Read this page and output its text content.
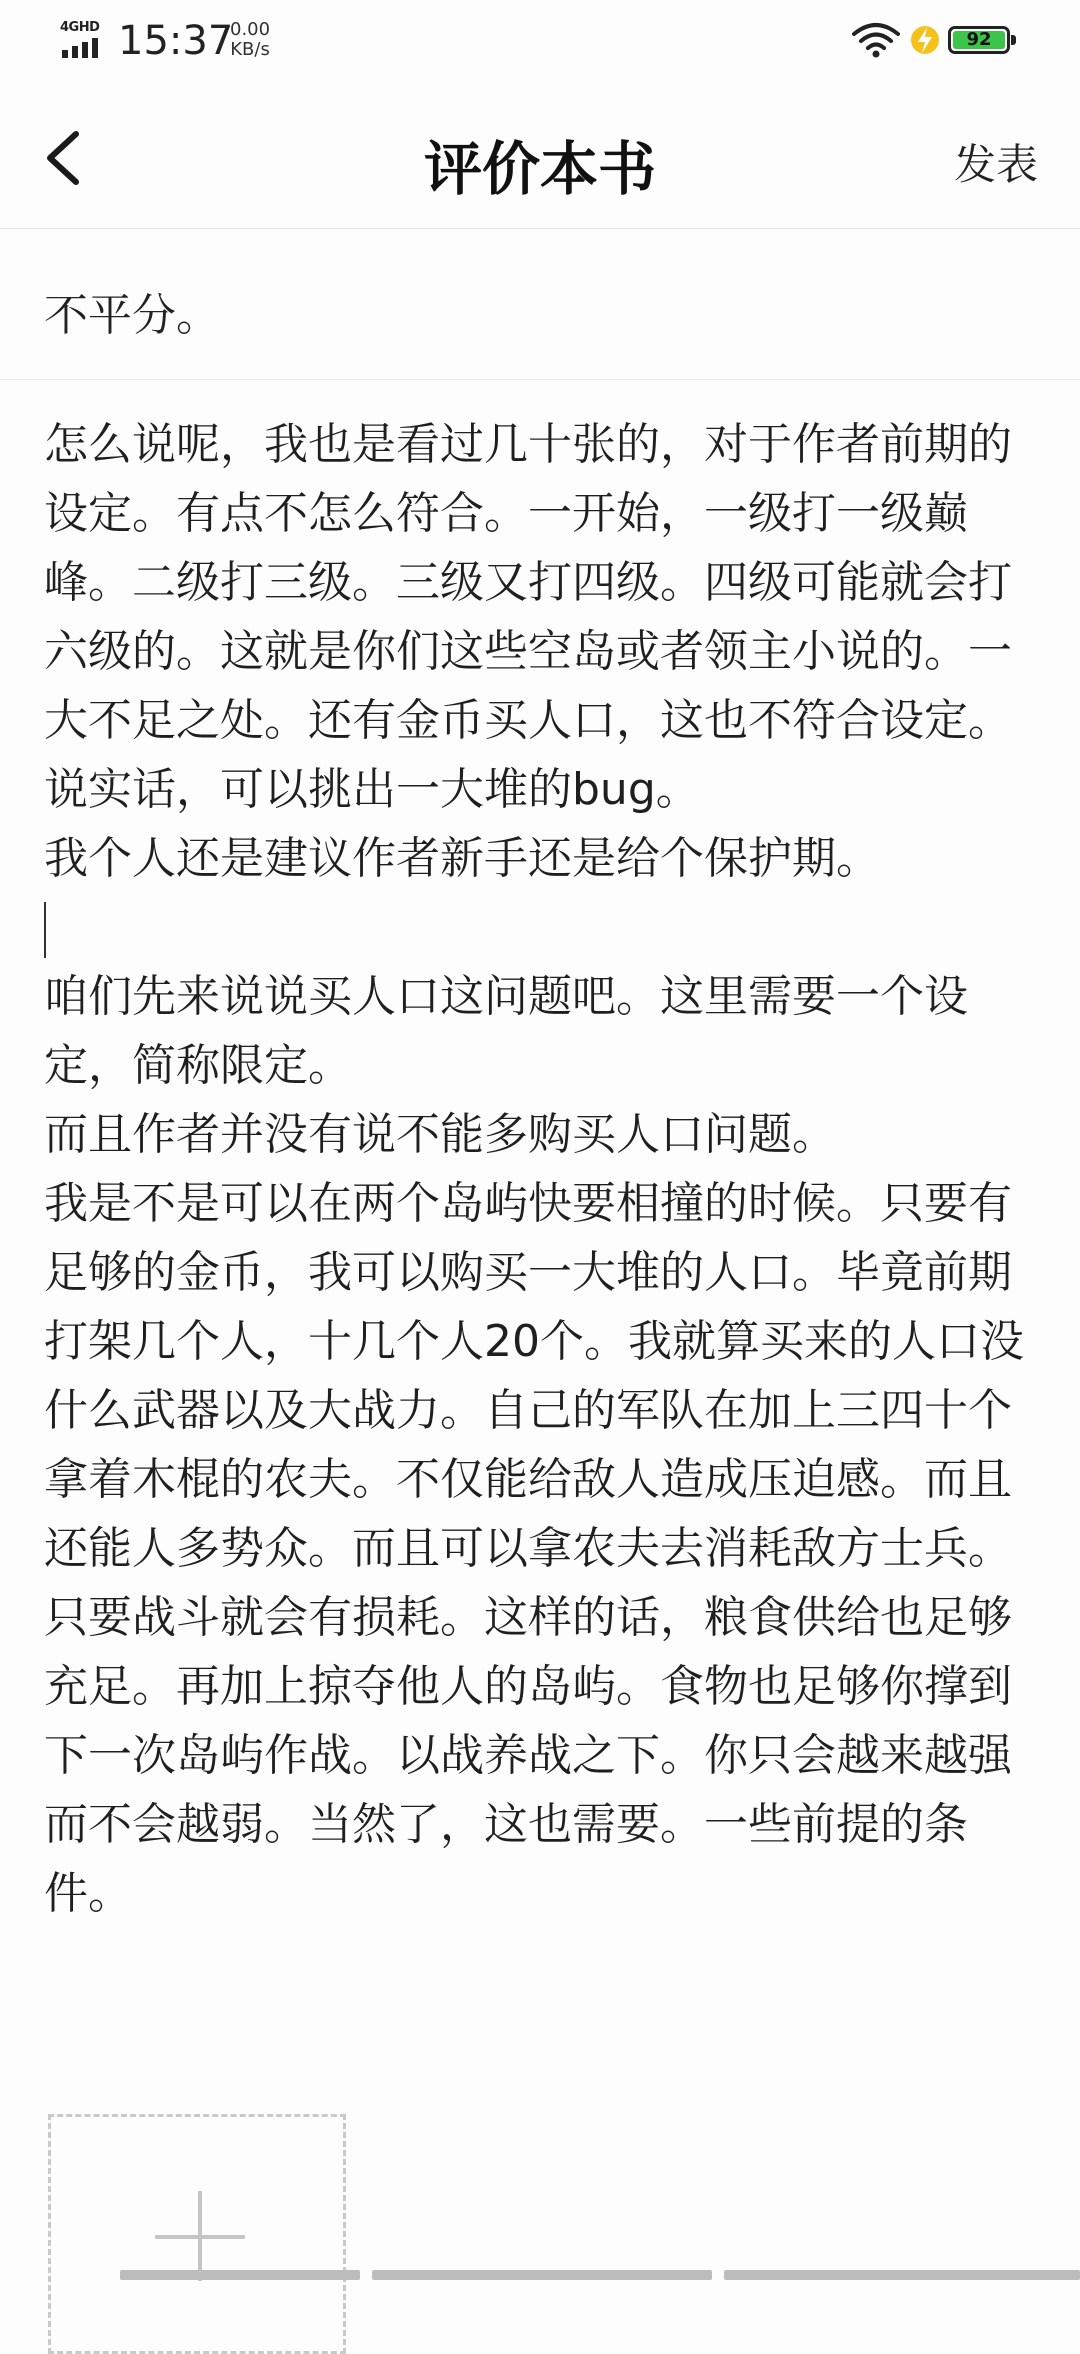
4GHD 15:37
0.00
KB/s	92
评价本书	发表
不平分。

怎么说呢，我也是看过几十张的，对于作者前期的设定。有点不怎么符合。一开始，一级打一级巅峰。二级打三级。三级又打四级。四级可能就会打六级的。这就是你们这些空岛或者领主小说的。一大不足之处。还有金币买人口，这也不符合设定。说实话，可以挑出一大堆的bug。

我个人还是建议作者新手还是给个保护期。

咱们先来说说买人口这问题吧。这里需要一个设定，简称限定。

而且作者并没有说不能多购买人口问题。

我是不是可以在两个岛屿快要相撞的时候。只要有足够的金币，我可以购买一大堆的人口。毕竟前期打架几个人，十几个人20个。我就算买来的人口没什么武器以及大战力。自己的军队在加上三四十个拿着木棍的农夫。不仅能给敌人造成压迫感。而且还能人多势众。而且可以拿农夫去消耗敌方士兵。只要战斗就会有损耗。这样的话，粮食供给也足够充足。再加上掠夺他人的岛屿。食物也足够你撑到下一次岛屿作战。以战养战之下。你只会越来越强而不会越弱。当然了，这也需要。一些前提的条件。
